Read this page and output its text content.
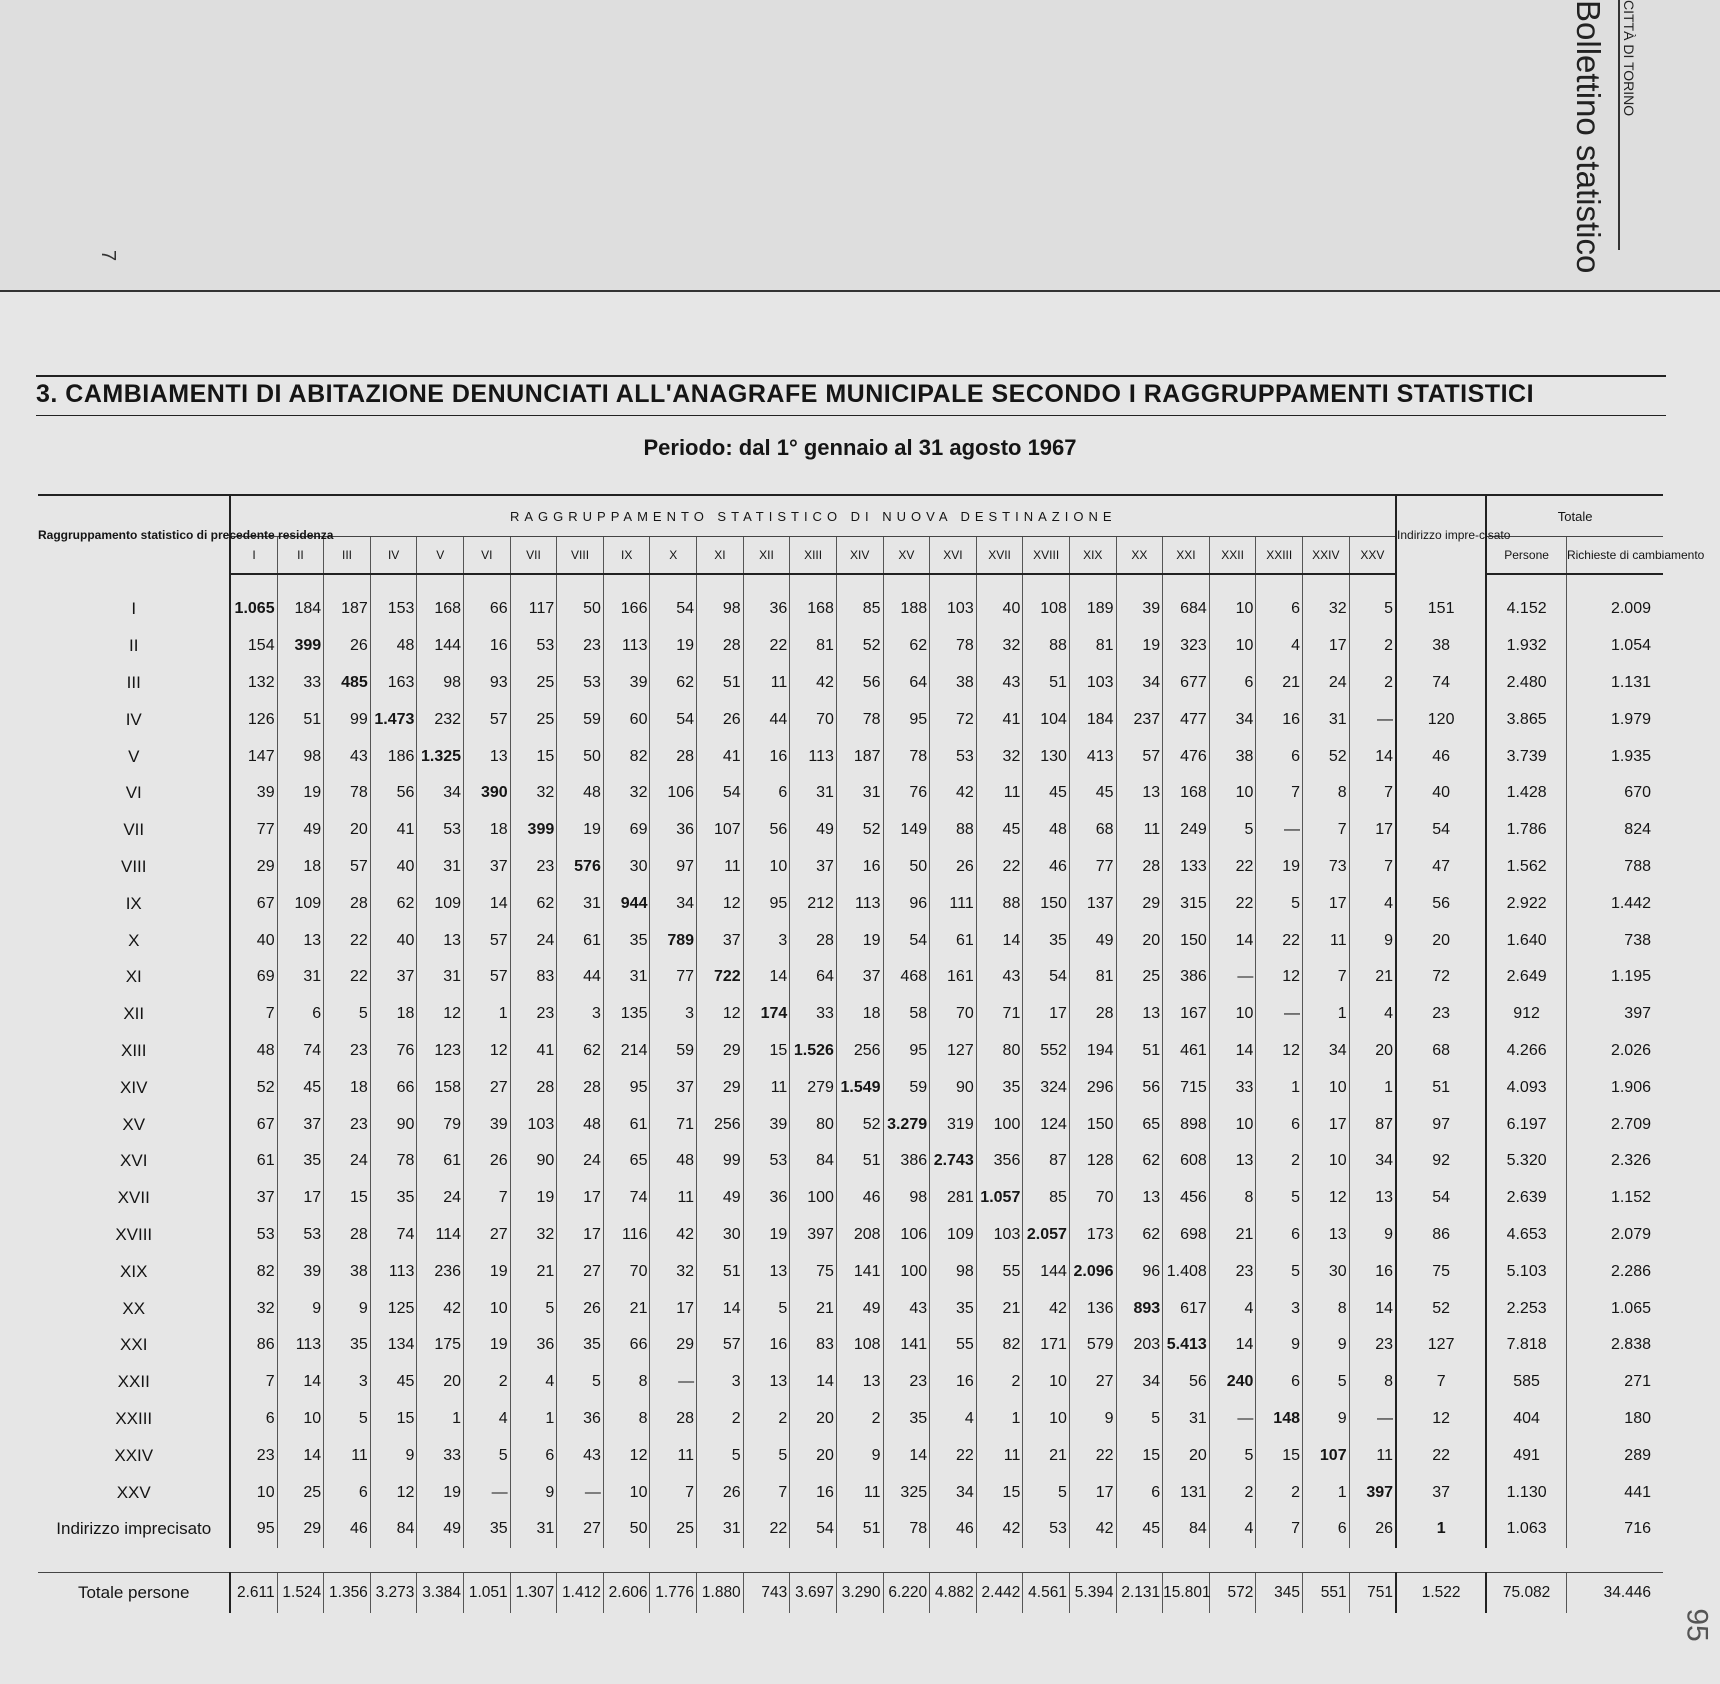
Bollettino statistico CITTÀ DI TORINO
7
3. CAMBIAMENTI DI ABITAZIONE DENUNCIATI ALL'ANAGRAFE MUNICIPALE SECONDO I RAGGRUPPAMENTI STATISTICI
Periodo: dal 1° gennaio al 31 agosto 1967
Raggruppamento statistico di precedente residenza	RAGGRUPPAMENTO STATISTICO DI NUOVA DESTINAZIONE																									Indirizzo impre-cisato	Totale	
	I	II	III	IV	V	VI	VII	VIII	IX	X	XI	XII	XIII	XIV	XV	XVI	XVII	XVIII	XIX	XX	XXI	XXII	XXIII	XXIV	XXV		Persone	Richieste di cambiamento
I	1.065	184	187	153	168	66	117	50	166	54	98	36	168	85	188	103	40	108	189	39	684	10	6	32	5	151	4.152	2.009
II	154	399	26	48	144	16	53	23	113	19	28	22	81	52	62	78	32	88	81	19	323	10	4	17	2	38	1.932	1.054
III	132	33	485	163	98	93	25	53	39	62	51	11	42	56	64	38	43	51	103	34	677	6	21	24	2	74	2.480	1.131
IV	126	51	99	1.473	232	57	25	59	60	54	26	44	70	78	95	72	41	104	184	237	477	34	16	31	—	120	3.865	1.979
V	147	98	43	186	1.325	13	15	50	82	28	41	16	113	187	78	53	32	130	413	57	476	38	6	52	14	46	3.739	1.935
VI	39	19	78	56	34	390	32	48	32	106	54	6	31	31	76	42	11	45	45	13	168	10	7	8	7	40	1.428	670
VII	77	49	20	41	53	18	399	19	69	36	107	56	49	52	149	88	45	48	68	11	249	5	—	7	17	54	1.786	824
VIII	29	18	57	40	31	37	23	576	30	97	11	10	37	16	50	26	22	46	77	28	133	22	19	73	7	47	1.562	788
IX	67	109	28	62	109	14	62	31	944	34	12	95	212	113	96	111	88	150	137	29	315	22	5	17	4	56	2.922	1.442
X	40	13	22	40	13	57	24	61	35	789	37	3	28	19	54	61	14	35	49	20	150	14	22	11	9	20	1.640	738
XI	69	31	22	37	31	57	83	44	31	77	722	14	64	37	468	161	43	54	81	25	386	—	12	7	21	72	2.649	1.195
XII	7	6	5	18	12	1	23	3	135	3	12	174	33	18	58	70	71	17	28	13	167	10	—	1	4	23	912	397
XIII	48	74	23	76	123	12	41	62	214	59	29	15	1.526	256	95	127	80	552	194	51	461	14	12	34	20	68	4.266	2.026
XIV	52	45	18	66	158	27	28	28	95	37	29	11	279	1.549	59	90	35	324	296	56	715	33	1	10	1	51	4.093	1.906
XV	67	37	23	90	79	39	103	48	61	71	256	39	80	52	3.279	319	100	124	150	65	898	10	6	17	87	97	6.197	2.709
XVI	61	35	24	78	61	26	90	24	65	48	99	53	84	51	386	2.743	356	87	128	62	608	13	2	10	34	92	5.320	2.326
XVII	37	17	15	35	24	7	19	17	74	11	49	36	100	46	98	281	1.057	85	70	13	456	8	5	12	13	54	2.639	1.152
XVIII	53	53	28	74	114	27	32	17	116	42	30	19	397	208	106	109	103	2.057	173	62	698	21	6	13	9	86	4.653	2.079
XIX	82	39	38	113	236	19	21	27	70	32	51	13	75	141	100	98	55	144	2.096	96	1.408	23	5	30	16	75	5.103	2.286
XX	32	9	9	125	42	10	5	26	21	17	14	5	21	49	43	35	21	42	136	893	617	4	3	8	14	52	2.253	1.065
XXI	86	113	35	134	175	19	36	35	66	29	57	16	83	108	141	55	82	171	579	203	5.413	14	9	9	23	127	7.818	2.838
XXII	7	14	3	45	20	2	4	5	8	—	3	13	14	13	23	16	2	10	27	34	56	240	6	5	8	7	585	271
XXIII	6	10	5	15	1	4	1	36	8	28	2	2	20	2	35	4	1	10	9	5	31	—	148	9	—	12	404	180
XXIV	23	14	11	9	33	5	6	43	12	11	5	5	20	9	14	22	11	21	22	15	20	5	15	107	11	22	491	289
XXV	10	25	6	12	19	—	9	—	10	7	26	7	16	11	325	34	15	5	17	6	131	2	2	1	397	37	1.130	441
Indirizzo imprecisato	95	29	46	84	49	35	31	27	50	25	31	22	54	51	78	46	42	53	42	45	84	4	7	6	26	1	1.063	716

Totale persone	2.611	1.524	1.356	3.273	3.384	1.051	1.307	1.412	2.606	1.776	1.880	743	3.697	3.290	6.220	4.882	2.442	4.561	5.394	2.131	15.801	572	345	551	751	1.522	75.082	34.446
95
